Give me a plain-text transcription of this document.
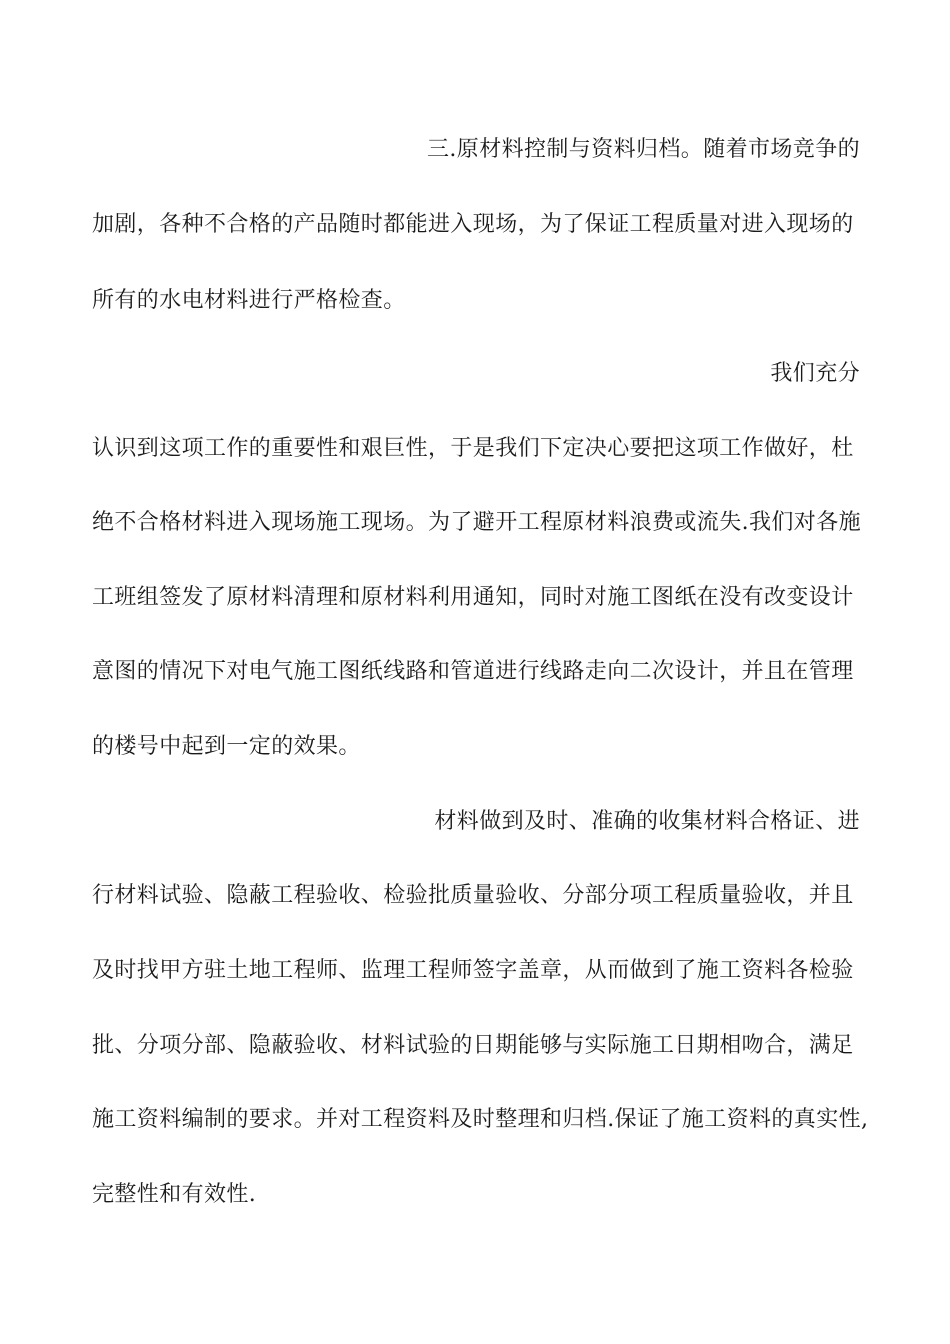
三.原材料控制与资料归档。随着市场竞争的
加剧，各种不合格的产品随时都能进入现场，为了保证工程质量对进入现场的
所有的水电材料进行严格检查。
我们充分
认识到这项工作的重要性和艰巨性，于是我们下定决心要把这项工作做好，杜
绝不合格材料进入现场施工现场。为了避开工程原材料浪费或流失.我们对各施
工班组签发了原材料清理和原材料利用通知，同时对施工图纸在没有改变设计
意图的情况下对电气施工图纸线路和管道进行线路走向二次设计，并且在管理
的楼号中起到一定的效果。
材料做到及时、准确的收集材料合格证、进
行材料试验、隐蔽工程验收、检验批质量验收、分部分项工程质量验收，并且
及时找甲方驻土地工程师、监理工程师签字盖章，从而做到了施工资料各检验
批、分项分部、隐蔽验收、材料试验的日期能够与实际施工日期相吻合，满足
施工资料编制的要求。并对工程资料及时整理和归档.保证了施工资料的真实性,
完整性和有效性.
